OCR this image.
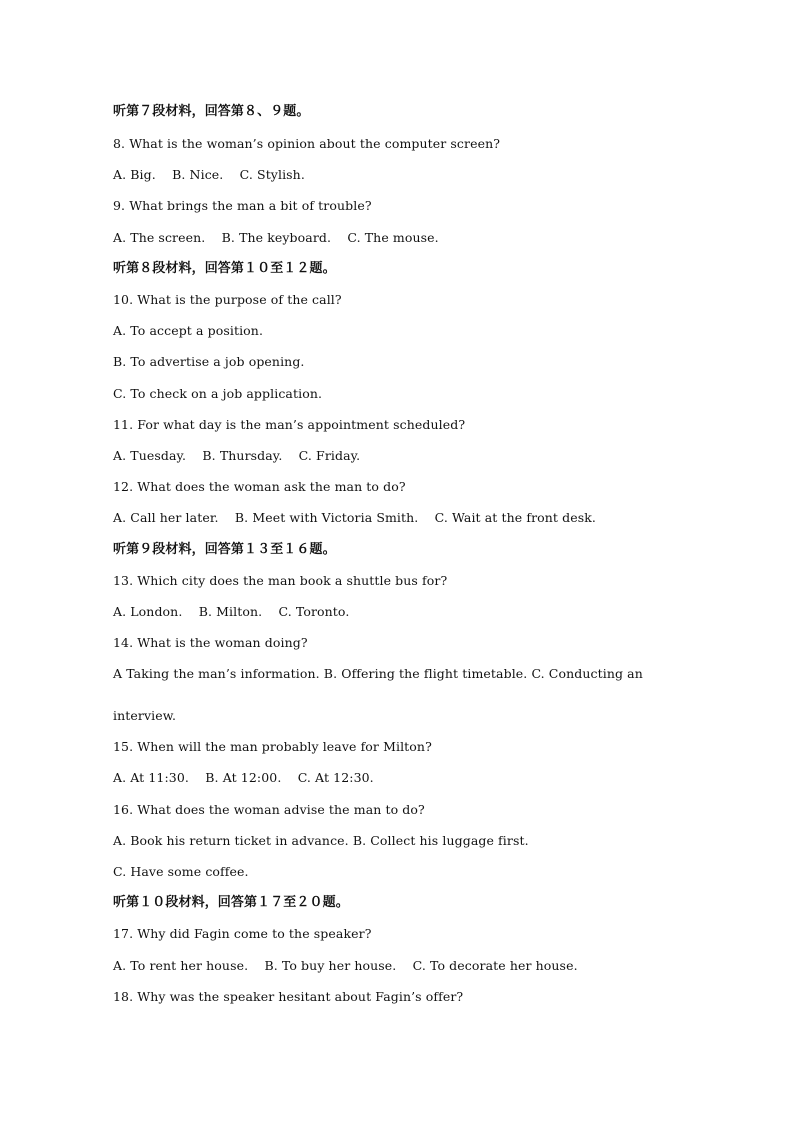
听第７段材料，回答第８、９题。
8. What is the woman’s opinion about the computer screen?
A. Big.    B. Nice.    C. Stylish.
9. What brings the man a bit of trouble?
A. The screen.    B. The keyboard.    C. The mouse.
听第８段材料，回答第１０至１２题。
10. What is the purpose of the call?
A. To accept a position.
B. To advertise a job opening.
C. To check on a job application.
11. For what day is the man’s appointment scheduled?
A. Tuesday.    B. Thursday.    C. Friday.
12. What does the woman ask the man to do?
A. Call her later.    B. Meet with Victoria Smith.    C. Wait at the front desk.
听第９段材料，回答第１３至１６题。
13. Which city does the man book a shuttle bus for?
A. London.    B. Milton.    C. Toronto.
14. What is the woman doing?
A Taking the man’s information. B. Offering the flight timetable. C. Conducting an
interview.
15. When will the man probably leave for Milton?
A. At 11:30.    B. At 12:00.    C. At 12:30.
16. What does the woman advise the man to do?
A. Book his return ticket in advance. B. Collect his luggage first.
C. Have some coffee.
听第１０段材料，回答第１７至２０题。
17. Why did Fagin come to the speaker?
A. To rent her house.    B. To buy her house.    C. To decorate her house.
18. Why was the speaker hesitant about Fagin’s offer?
